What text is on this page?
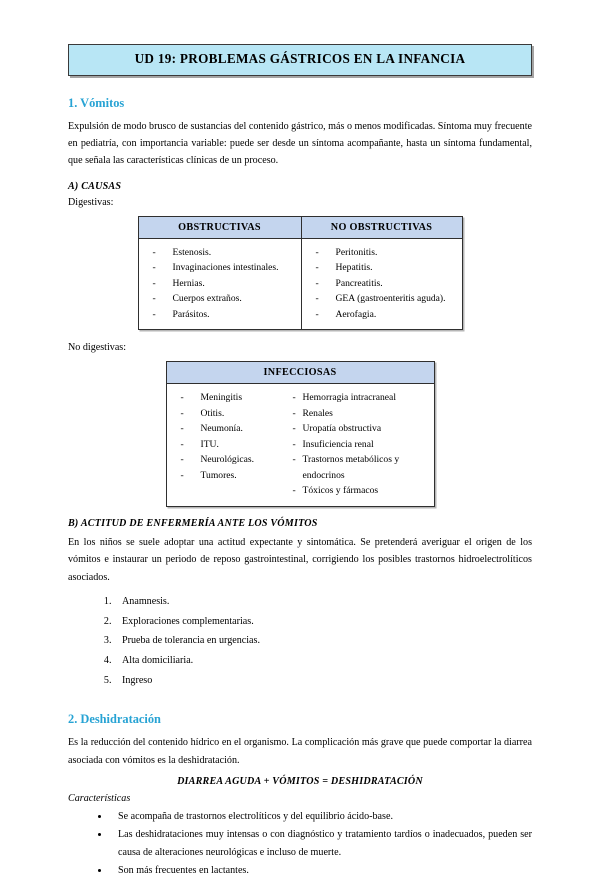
UD 19: PROBLEMAS GÁSTRICOS EN LA INFANCIA
1. Vómitos

Expulsión de modo brusco de sustancias del contenido gástrico, más o menos modificadas. Síntoma muy frecuente en pediatría, con importancia variable: puede ser desde un síntoma acompañante, hasta un síntoma fundamental, que señala las características clínicas de un proceso.

A) CAUSAS
Digestivas:
OBSTRUCTIVAS	NO OBSTRUCTIVAS

- Estenosis.
- Invaginaciones intestinales.
- Hernias.
- Cuerpos extraños.
- Parásitos.

- Peritonitis.
- Hepatitis.
- Pancreatitis.
- GEA (gastroenteritis aguda).
- Aerofagia.
No digestivas:
INFECCIOSAS

- Meningitis
- Otitis.
- Neumonía.
- ITU.
- Neurológicas.
- Tumores.
- Hemorragia intracraneal
- Renales
- Uropatía obstructiva
- Insuficiencia renal
- Trastornos metabólicos y endocrinos
- Tóxicos y fármacos
B) ACTITUD DE ENFERMERÍA ANTE LOS VÓMITOS

En los niños se suele adoptar una actitud expectante y sintomática. Se pretenderá averiguar el origen de los vómitos e instaurar un periodo de reposo gastrointestinal, corrigiendo los posibles trastornos hidroelectrolíticos asociados.

1. Anamnesis.
2. Exploraciones complementarias.
3. Prueba de tolerancia en urgencias.
4. Alta domiciliaria.
5. Ingreso
2. Deshidratación

Es la reducción del contenido hídrico en el organismo. La complicación más grave que puede comportar la diarrea asociada con vómitos es la deshidratación.

DIARREA AGUDA + VÓMITOS = DESHIDRATACIÓN
Características
• Se acompaña de trastornos electrolíticos y del equilibrio ácido-base.
• Las deshidrataciones muy intensas o con diagnóstico y tratamiento tardíos o inadecuados, pueden ser causa de alteraciones neurológicas e incluso de muerte.
• Son más frecuentes en lactantes.
